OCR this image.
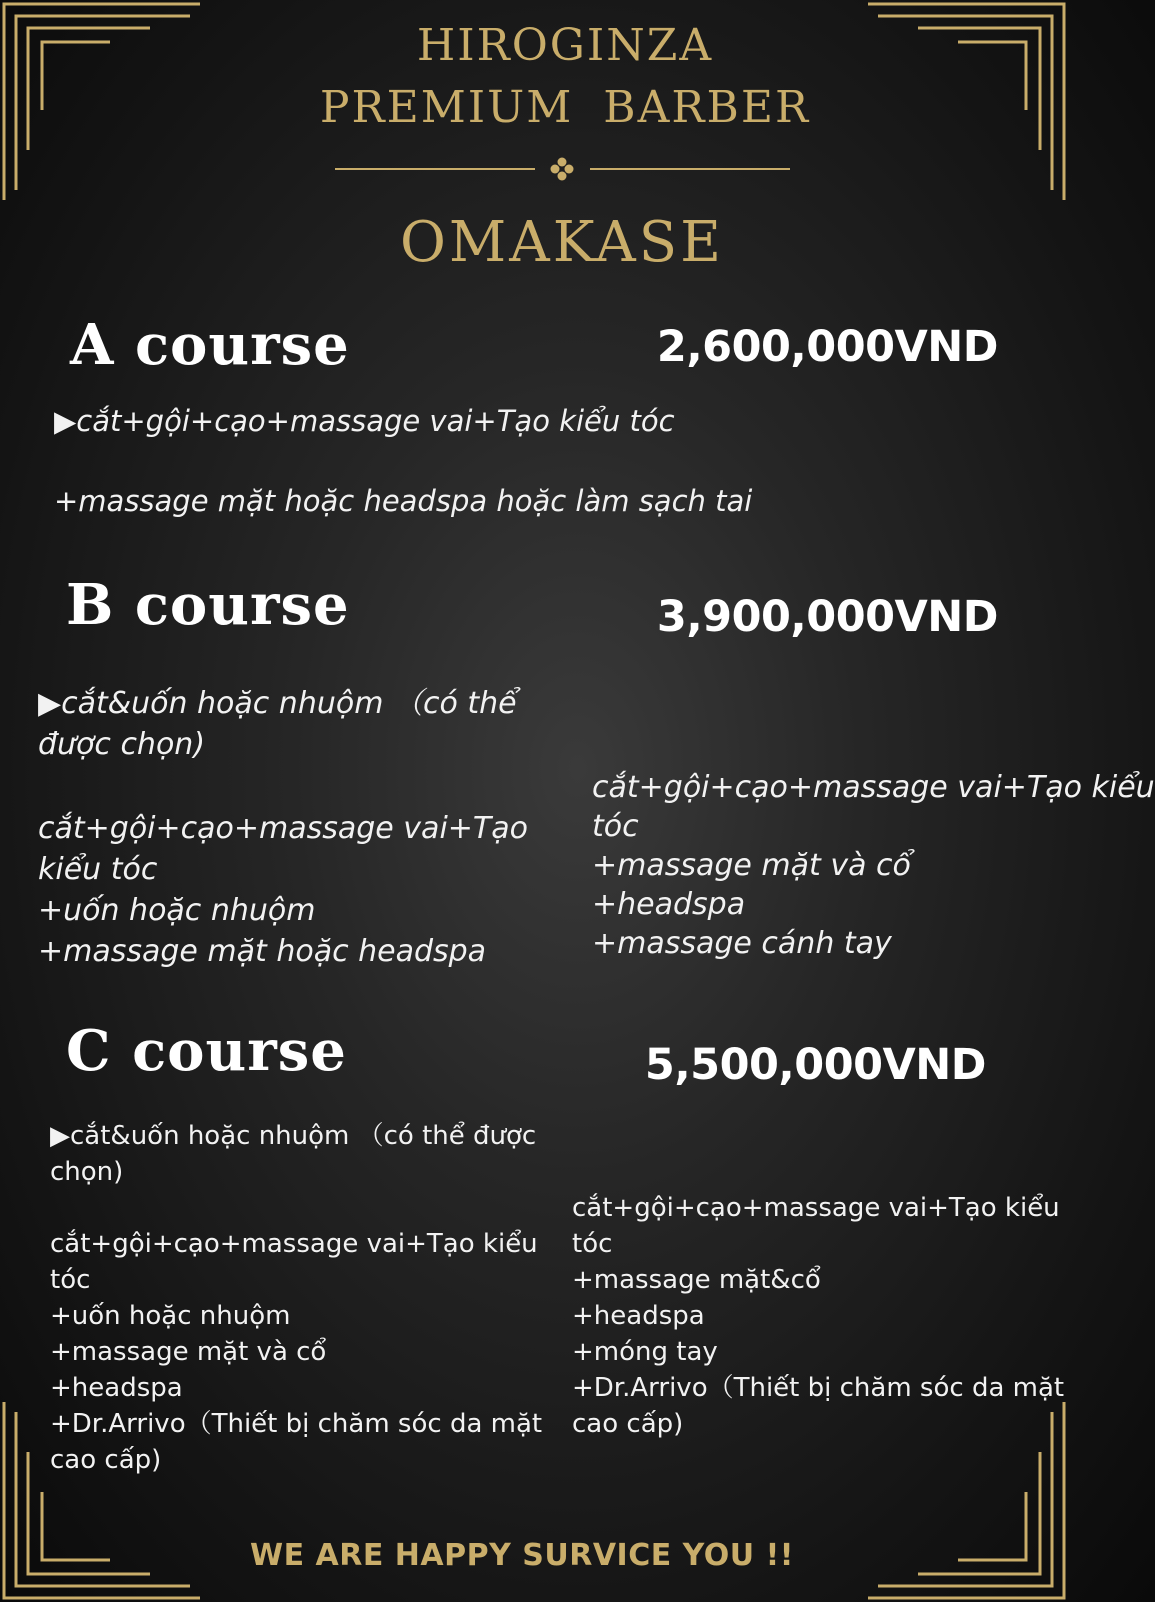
HIROGINZA
PREMIUM BARBER
OMAKASE
A course	2,600,000VND
▶cắt+gội+cạo+massage vai+Tạo kiểu tóc
+massage mặt hoặc headspa hoặc làm sạch tai
B course	3,900,000VND
▶cắt&uốn hoặc nhuộm （có thể
được chọn)
cắt+gội+cạo+massage vai+Tạo
kiểu tóc
+uốn hoặc nhuộm
+massage mặt hoặc headspa
cắt+gội+cạo+massage vai+Tạo kiểu
tóc
+massage mặt và cổ
+headspa
+massage cánh tay
C course	5,500,000VND
▶cắt&uốn hoặc nhuộm （có thể được
chọn)
cắt+gội+cạo+massage vai+Tạo kiểu
tóc
+uốn hoặc nhuộm
+massage mặt và cổ
+headspa
+Dr.Arrivo（Thiết bị chăm sóc da mặt
cao cấp)
cắt+gội+cạo+massage vai+Tạo kiểu
tóc
+massage mặt&cổ
+headspa
+móng tay
+Dr.Arrivo（Thiết bị chăm sóc da mặt
cao cấp)
WE ARE HAPPY SURVICE YOU !!
